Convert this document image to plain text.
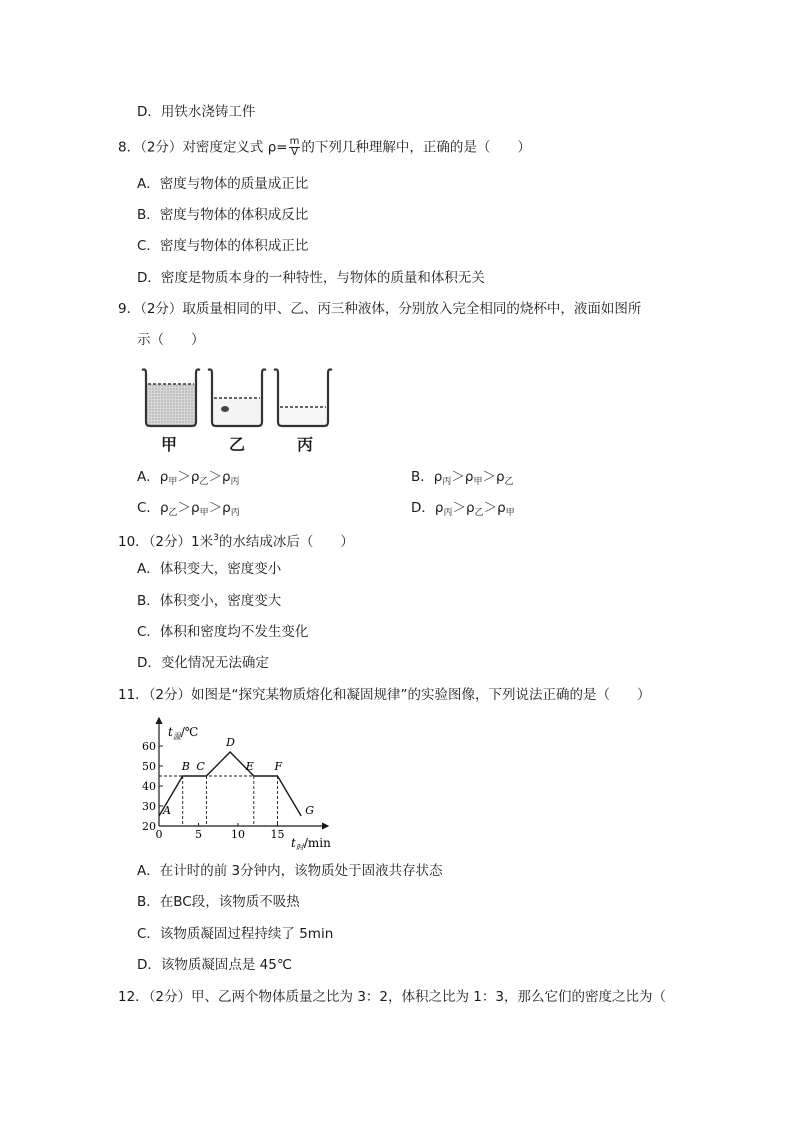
D．用铁水浇铸工件
8．（2分）对密度定义式 $\rho= \frac{m}{V}$ 的下列几种理解中，正确的是（　　）
A．密度与物体的质量成正比
B．密度与物体的体积成反比
C．密度与物体的体积成正比
D．密度是物质本身的一种特性，与物体的质量和体积无关
9．（2分）取质量相同的甲、乙、丙三种液体，分别放入完全相同的烧杯中，液面如图所
示（　　）
甲	乙	丙
A．$\rho_甲>\rho_乙>\rho_丙$	B．$\rho_丙>\rho_甲>\rho_乙$
C．$\rho_乙>\rho_甲>\rho_丙$	D．$\rho_丙>\rho_乙>\rho_甲$
10．（2分）1米$^3$的水结成冰后（　　）
A．体积变大，密度变小
B．体积变小，密度变大
C．体积和密度均不发生变化
D．变化情况无法确定
11．（2分）如图是“探究某物质熔化和凝固规律”的实验图像，下列说法正确的是（　　）
$t_温/℃$
$t_时/\min$
20
30
40
50
60
0	5	10 15
A
B C
D
E F
G
A．在计时的前 3分钟内，该物质处于固液共存状态
B．在BC段，该物质不吸热
C．该物质凝固过程持续了 5min
D．该物质凝固点是 45℃
12．（2分）甲、乙两个物体质量之比为 3：2，体积之比为 1：3，那么它们的密度之比为（
